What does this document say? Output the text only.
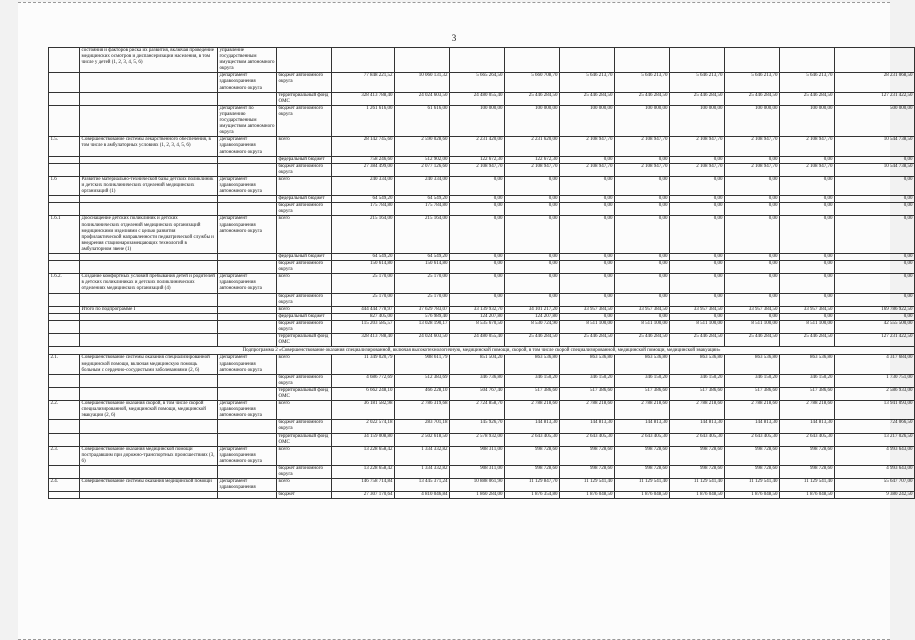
3
	состояния и факторов риска их развития, включая проведение медицинских осмотров и диспансеризации населения, в том числе у детей (1, 2, 3, 4, 5, 6)	управление государственным имуществом автономного округа											
		Департамент здравоохранения автономного округа	бюджет автономного округа	77 848 221,52	10 060 131,32	5 665 264,50	5 660 708,70	5 646 213,70	5 646 213,70	5 646 213,70	5 646 213,70	5 646 213,70	28 231 068,50
			территориальный фонд ОМС	328 413 788,40	24 024 603,50	24 480 055,40	25 446 284,50	25 446 284,50	25 446 284,50	25 446 284,50	25 446 284,50	25 446 284,50	127 231 422,50
		Департамент по управлению государственным имуществом автономного округа	бюджет автономного округа	1 261 616,00	61 616,00	100 000,00	100 000,00	100 000,00	100 000,00	100 000,00	100 000,00	100 000,00	500 000,00
1.5.	Совершенствование системы лекарственного обеспечения, в том числе в амбулаторных условиях (1, 2, 3, 4, 5, 6)	Департамент здравоохранения автономного округа	всего	28 142 745,60	2 590 028,60	2 231 420,00	2 231 620,00	2 108 947,70	2 108 947,70	2 108 947,70	2 108 947,70	2 108 947,70	10 544 738,50
			федеральный бюджет	758 246,60	512 902,00	122 672,30	122 672,30	0,00	0,00	0,00	0,00	0,00	0,00
			бюджет автономного округа	27 384 499,00	2 077 126,60	2 108 947,70	2 108 947,70	2 108 947,70	2 108 947,70	2 108 947,70	2 108 947,70	2 108 947,70	10 544 738,50
1.6	Развитие материально-технической базы детских поликлиник и детских поликлинических отделений медицинских организаций (1)	Департамент здравоохранения автономного округа	всего	240 334,00	240 334,00	0,00	0,00	0,00	0,00	0,00	0,00	0,00	0,00
			федеральный бюджет	64 549,20	64 549,20	0,00	0,00	0,00	0,00	0,00	0,00	0,00	0,00
			бюджет автономного округа	175 784,80	175 784,80	0,00	0,00	0,00	0,00	0,00	0,00	0,00	0,00
1.6.1	Дооснащение детских поликлиник и детских поликлинических отделений медицинских организаций медицинскими изделиями с целью развития профилактической направленности педиатрической службы и внедрения стационарозамещающих технологий в амбулаторном звене (1)	Департамент здравоохранения автономного округа	всего	215 164,00	215 164,00	0,00	0,00	0,00	0,00	0,00	0,00	0,00	0,00
			федеральный бюджет	64 549,20	64 549,20	0,00	0,00	0,00	0,00	0,00	0,00	0,00	0,00
			бюджет автономного округа	150 614,80	150 614,80	0,00	0,00	0,00	0,00	0,00	0,00	0,00	0,00
1.6.2.	Создание комфортных условий пребывания детей и родителей в детских поликлиниках и детских поликлинических отделениях медицинских организаций (4)	Департамент здравоохранения автономного округа	всего	25 170,00	25 170,00	0,00	0,00	0,00	0,00	0,00	0,00	0,00	0,00
			бюджет автономного округа	25 170,00	25 170,00	0,00	0,00	0,00	0,00	0,00	0,00	0,00	0,00
	Итого по подпрограмме I		всего	444 444 778,97	37 629 783,07	33 139 932,70	34 101 217,20	33 957 384,50	33 957 384,50	33 957 384,50	33 957 384,50	33 957 384,50	169 786 922,50
			федеральный бюджет	827 405,00	576 989,40	124 207,80	124 207,80	0,00	0,00	0,00	0,00	0,00	0,00
			бюджет автономного округа	115 203 585,57	13 028 190,17	8 535 670,50	8 530 724,90	8 511 100,00	8 511 100,00	8 511 100,00	8 511 100,00	8 511 100,00	42 555 500,00
			территориальный фонд ОМС	328 413 788,40	24 024 603,50	24 480 055,40	25 446 284,50	25 446 284,50	25 446 284,50	25 446 284,50	25 446 284,50	25 446 284,50	127 231 422,50
Подпрограмма 2 «Совершенствование оказания специализированной, включая высокотехнологичную, медицинской помощи, скорой, в том числе скорой специализированной, медицинской помощи, медицинской эвакуации»													
2.1.	Совершенствование системы оказания специализированной медицинской помощи, включая медицинскую помощь больным с сердечно-сосудистыми заболеваниями (2, 6)	Департамент здравоохранения автономного округа	всего	11 349 020,79	908 611,79	851 504,20	863 536,80	863 536,80	863 536,80	863 536,80	863 536,80	863 536,80	4 317 684,00
			бюджет автономного округа	4 686 772,69	512 383,69	346 736,80	346 150,20	346 150,20	346 150,20	346 150,20	346 150,20	346 150,20	1 730 751,00
			территориальный фонд ОМС	6 662 248,10	466 228,10	504 767,40	517 386,60	517 386,60	517 386,60	517 386,60	517 386,60	517 386,60	2 586 933,00
2.2.	Совершенствование оказания скорой, в том числе скорой специализированной, медицинской помощи, медицинской эвакуации (2, 6)	Департамент здравоохранения автономного округа	всего	36 181 582,98	2 786 319,68	2 724 858,70	2 788 218,60	2 788 218,60	2 788 218,60	2 788 218,60	2 788 218,60	2 788 218,60	13 941 093,00
			бюджет автономного округа	2 022 574,18	283 701,18	145 926,70	144 813,30	144 813,30	144 813,30	144 813,30	144 813,30	144 813,30	724 066,50
			территориальный фонд ОМС	34 159 008,80	2 502 618,50	2 578 932,00	2 643 405,30	2 643 405,30	2 643 405,30	2 643 405,30	2 643 405,30	2 643 405,30	13 217 026,50
2.3.	Совершенствование оказания медицинской помощи пострадавшим при дорожно-транспортных происшествиях (3, 6)	Департамент здравоохранения автономного округа	всего	13 228 658,42	1 334 332,82	908 311,00	998 728,60	998 728,60	998 728,60	998 728,60	998 728,60	998 728,60	4 993 643,00
			бюджет автономного округа	13 228 658,42	1 334 332,82	908 311,00	998 728,60	998 728,60	998 728,60	998 728,60	998 728,60	998 728,60	4 993 643,00
2.4.	Совершенствование системы оказания медицинской помощи	Департамент здравоохранения	всего	146 758 714,84	13 445 371,24	10 888 061,90	11 129 847,70	11 129 541,40	11 129 541,40	11 129 541,40	11 129 541,40	11 129 541,40	55 647 707,00
			бюджет	27 307 170,64	4 810 046,84	1 860 284,00	1 876 354,80	1 876 048,50	1 876 048,50	1 876 048,50	1 876 048,50	1 876 048,50	9 380 242,50
